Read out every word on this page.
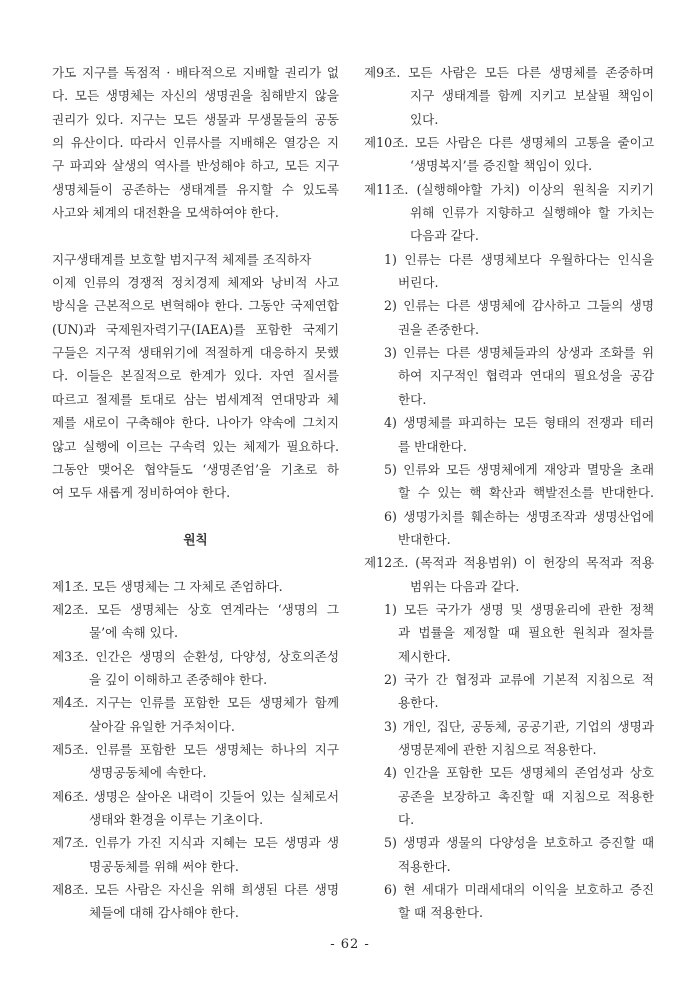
가도 지구를 독점적 · 배타적으로 지배할 권리가 없
다. 모든 생명체는 자신의 생명권을 침해받지 않을
권리가 있다. 지구는 모든 생물과 무생물들의 공동
의 유산이다. 따라서 인류사를 지배해온 열강은 지
구 파괴와 살생의 역사를 반성해야 하고, 모든 지구
생명체들이 공존하는 생태계를 유지할 수 있도록
사고와 체계의 대전환을 모색하여야 한다.
지구생태계를 보호할 범지구적 체제를 조직하자
이제 인류의 경쟁적 정치경제 체제와 낭비적 사고
방식을 근본적으로 변혁해야 한다. 그동안 국제연합
(UN)과 국제원자력기구(IAEA)를 포함한 국제기
구들은 지구적 생태위기에 적절하게 대응하지 못했
다. 이들은 본질적으로 한계가 있다. 자연 질서를
따르고 절제를 토대로 삼는 범세계적 연대망과 체
제를 새로이 구축해야 한다. 나아가 약속에 그치지
않고 실행에 이르는 구속력 있는 체제가 필요하다.
그동안 맺어온 협약들도 ‘생명존엄’을 기초로 하
여 모두 새롭게 정비하여야 한다.
원칙
제1조. 모든 생명체는 그 자체로 존엄하다.
제2조. 모든 생명체는 상호 연계라는 ‘생명의 그
물’에 속해 있다.
제3조. 인간은 생명의 순환성, 다양성, 상호의존성
을 깊이 이해하고 존중해야 한다.
제4조. 지구는 인류를 포함한 모든 생명체가 함께
살아갈 유일한 거주처이다.
제5조. 인류를 포함한 모든 생명체는 하나의 지구
생명공동체에 속한다.
제6조. 생명은 살아온 내력이 깃들어 있는 실체로서
생태와 환경을 이루는 기초이다.
제7조. 인류가 가진 지식과 지혜는 모든 생명과 생
명공동체를 위해 써야 한다.
제8조. 모든 사람은 자신을 위해 희생된 다른 생명
체들에 대해 감사해야 한다.
제9조. 모든 사람은 모든 다른 생명체를 존중하며
지구 생태계를 함께 지키고 보살필 책임이
있다.
제10조. 모든 사람은 다른 생명체의 고통을 줄이고
‘생명복지’를 증진할 책임이 있다.
제11조. (실행해야할 가치) 이상의 원칙을 지키기
위해 인류가 지향하고 실행해야 할 가치는
다음과 같다.
1) 인류는 다른 생명체보다 우월하다는 인식을
버린다.
2) 인류는 다른 생명체에 감사하고 그들의 생명
권을 존중한다.
3) 인류는 다른 생명체들과의 상생과 조화를 위
하여 지구적인 협력과 연대의 필요성을 공감
한다.
4) 생명체를 파괴하는 모든 형태의 전쟁과 테러
를 반대한다.
5) 인류와 모든 생명체에게 재앙과 멸망을 초래
할 수 있는 핵 확산과 핵발전소를 반대한다.
6) 생명가치를 훼손하는 생명조작과 생명산업에
반대한다.
제12조. (목적과 적용범위) 이 헌장의 목적과 적용
범위는 다음과 같다.
1) 모든 국가가 생명 및 생명윤리에 관한 정책
과 법률을 제정할 때 필요한 원칙과 절차를
제시한다.
2) 국가 간 협정과 교류에 기본적 지침으로 적
용한다.
3) 개인, 집단, 공동체, 공공기관, 기업의 생명과
생명문제에 관한 지침으로 적용한다.
4) 인간을 포함한 모든 생명체의 존엄성과 상호
공존을 보장하고 촉진할 때 지침으로 적용한
다.
5) 생명과 생물의 다양성을 보호하고 증진할 때
적용한다.
6) 현 세대가 미래세대의 이익을 보호하고 증진
할 때 적용한다.
- 62 -
